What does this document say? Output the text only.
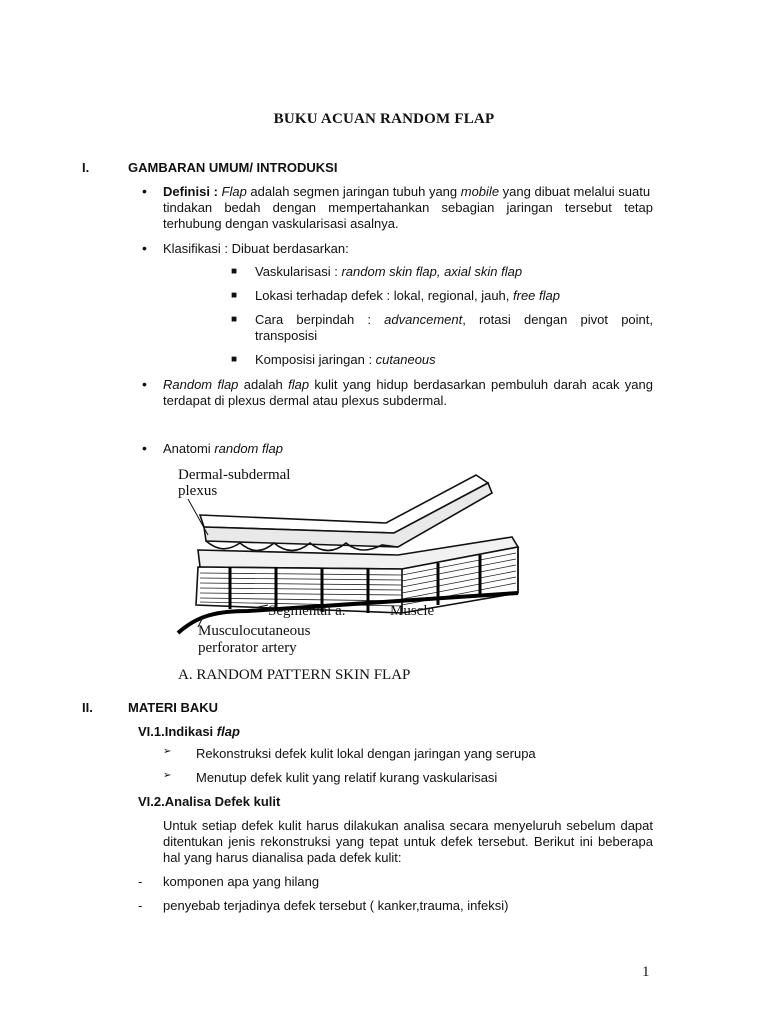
BUKU ACUAN RANDOM FLAP
I.	GAMBARAN UMUM/ INTRODUKSI
• Definisi : Flap adalah segmen jaringan tubuh yang mobile yang dibuat melalui suatu
tindakan bedah dengan mempertahankan sebagian jaringan tersebut tetap
terhubung dengan vaskularisasi asalnya.
• Klasifikasi : Dibuat berdasarkan:
■ Vaskularisasi : random skin flap, axial skin flap
■ Lokasi terhadap defek : lokal, regional, jauh, free flap
■ Cara berpindah : advancement, rotasi dengan pivot point,
transposisi
■ Komposisi jaringan : cutaneous
• Random flap adalah flap kulit yang hidup berdasarkan pembuluh darah acak yang
terdapat di plexus dermal atau plexus subdermal.
• Anatomi random flap
Dermal-subdermal
plexus
Segmental a.	Muscle
Musculocutaneous
perforator artery
A. RANDOM PATTERN SKIN FLAP
II.	MATERI BAKU
VI.1.Indikasi flap
➢ Rekonstruksi defek kulit lokal dengan jaringan yang serupa
➢ Menutup defek kulit yang relatif kurang vaskularisasi
VI.2.Analisa Defek kulit
Untuk setiap defek kulit harus dilakukan analisa secara menyeluruh sebelum dapat
ditentukan jenis rekonstruksi yang tepat untuk defek tersebut. Berikut ini beberapa
hal yang harus dianalisa pada defek kulit:
- komponen apa yang hilang
- penyebab terjadinya defek tersebut ( kanker,trauma, infeksi)
1
